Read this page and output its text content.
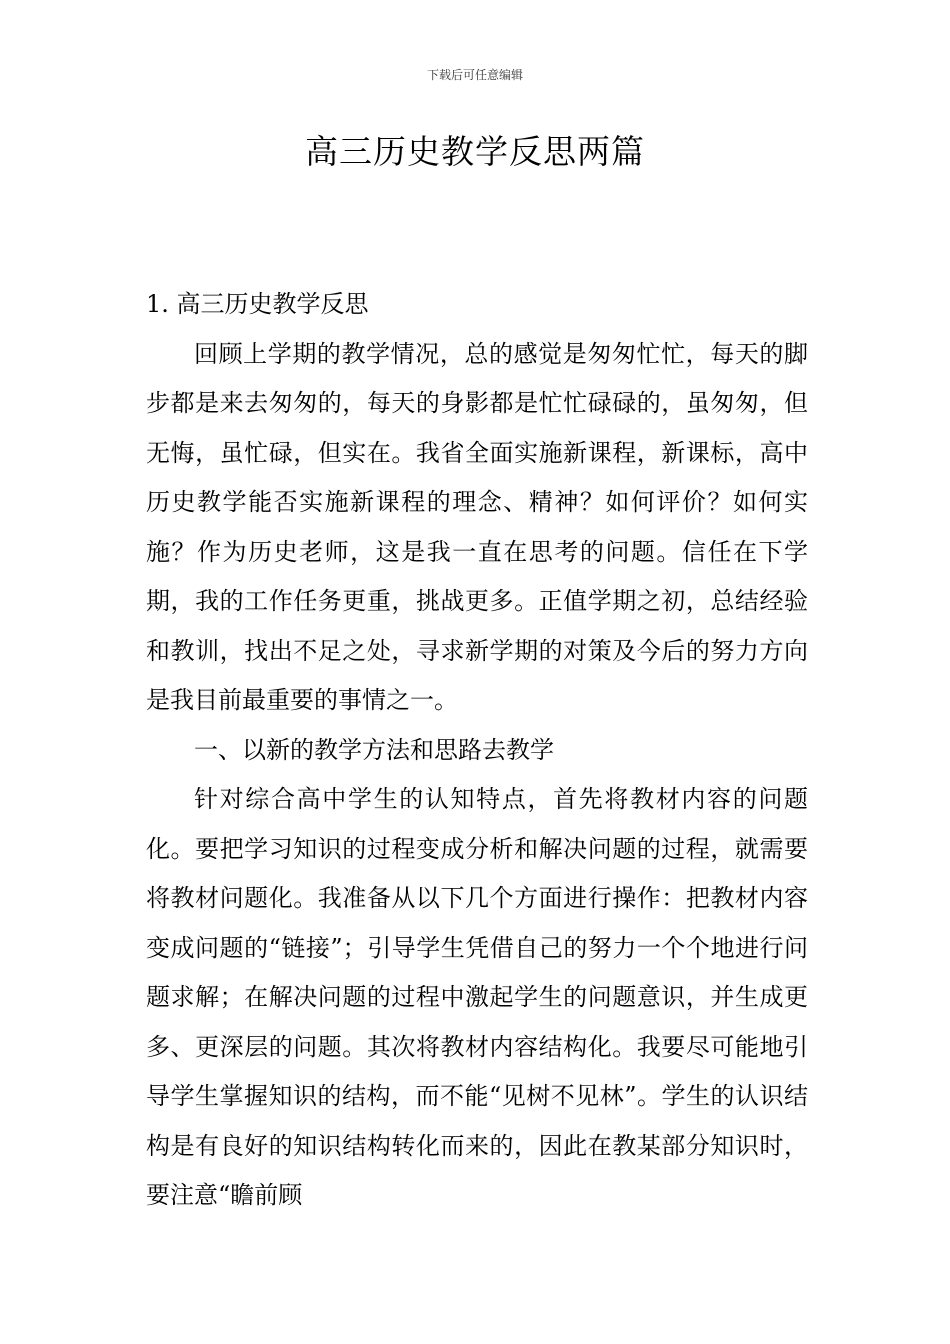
下载后可任意编辑
高三历史教学反思两篇

1. 高三历史教学反思

回顾上学期的教学情况，总的感觉是匆匆忙忙，每天的脚步都是来去匆匆的，每天的身影都是忙忙碌碌的，虽匆匆，但无悔，虽忙碌，但实在。我省全面实施新课程，新课标，高中历史教学能否实施新课程的理念、精神？如何评价？如何实施？作为历史老师，这是我一直在思考的问题。信任在下学期，我的工作任务更重，挑战更多。正值学期之初，总结经验和教训，找出不足之处，寻求新学期的对策及今后的努力方向是我目前最重要的事情之一。

一、以新的教学方法和思路去教学

针对综合高中学生的认知特点，首先将教材内容的问题化。要把学习知识的过程变成分析和解决问题的过程，就需要将教材问题化。我准备从以下几个方面进行操作：把教材内容变成问题的“链接”；引导学生凭借自己的努力一个个地进行问题求解；在解决问题的过程中激起学生的问题意识，并生成更多、更深层的问题。其次将教材内容结构化。我要尽可能地引导学生掌握知识的结构，而不能“见树不见林”。学生的认识结构是有良好的知识结构转化而来的，因此在教某部分知识时，要注意“瞻前顾
